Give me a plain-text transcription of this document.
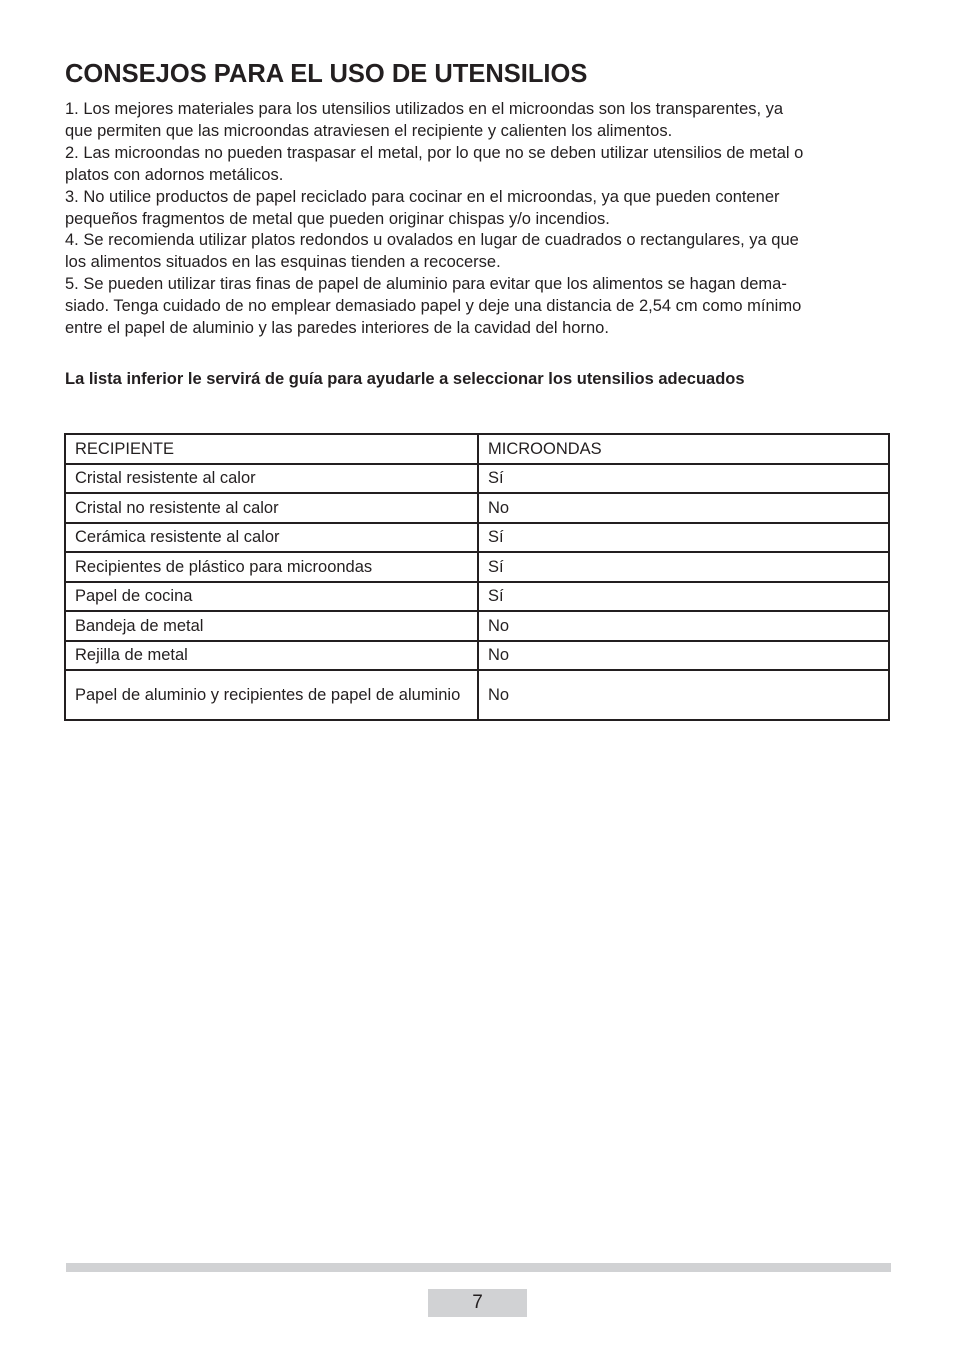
CONSEJOS PARA EL USO DE UTENSILIOS

1. Los mejores materiales para los utensilios utilizados en el microondas son los transparentes, ya

que permiten que las microondas atraviesen el recipiente y calienten los alimentos.

2. Las microondas no pueden traspasar el metal, por lo que no se deben utilizar utensilios de metal o

platos con adornos metálicos.

3. No utilice productos de papel reciclado para cocinar en el microondas, ya que pueden contener

pequeños fragmentos de metal que pueden originar chispas y/o incendios.

4. Se recomienda utilizar platos redondos u ovalados en lugar de cuadrados o rectangulares, ya que

los alimentos situados en las esquinas tienden a recocerse.

5. Se pueden utilizar tiras finas de papel de aluminio para evitar que los alimentos se hagan dema-

siado. Tenga cuidado de no emplear demasiado papel y deje una distancia de 2,54 cm como mínimo

entre el papel de aluminio y las paredes interiores de la cavidad del horno.

La lista inferior le servirá de guía para ayudarle a seleccionar los utensilios adecuados

RECIPIENTE	MICROONDAS
Cristal resistente al calor	Sí
Cristal no resistente al calor	No
Cerámica resistente al calor	Sí
Recipientes de plástico para microondas	Sí
Papel de cocina	Sí
Bandeja de metal	No
Rejilla de metal	No

Papel de aluminio y recipientes de papel de aluminio	No
7
